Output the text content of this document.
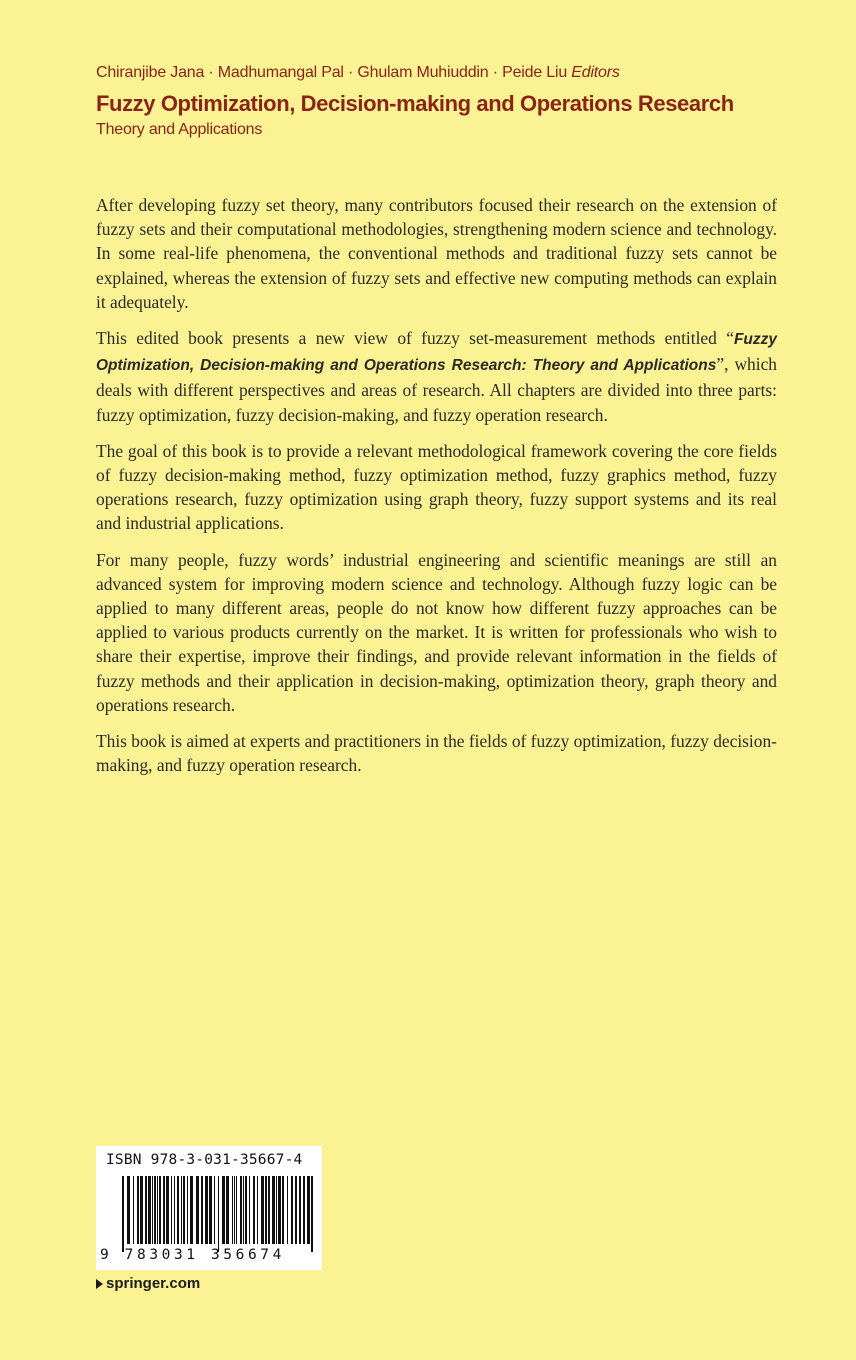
Chiranjibe Jana · Madhumangal Pal · Ghulam Muhiuddin · Peide Liu Editors
Fuzzy Optimization, Decision-making and Operations Research
Theory and Applications

After developing fuzzy set theory, many contributors focused their research on the extension of fuzzy sets and their computational methodologies, strengthening modern science and technology. In some real-life phenomena, the conventional methods and traditional fuzzy sets cannot be explained, whereas the extension of fuzzy sets and effective new computing methods can explain it adequately.

This edited book presents a new view of fuzzy set-measurement methods entitled “Fuzzy Optimization, Decision-making and Operations Research: Theory and Applications”, which deals with different perspectives and areas of research. All chapters are divided into three parts: fuzzy optimization, fuzzy decision-making, and fuzzy operation research.

The goal of this book is to provide a relevant methodological framework covering the core fields of fuzzy decision-making method, fuzzy optimization method, fuzzy graphics method, fuzzy operations research, fuzzy optimization using graph theory, fuzzy support systems and its real and industrial applications.

For many people, fuzzy words’ industrial engineering and scientific meanings are still an advanced system for improving modern science and technology. Although fuzzy logic can be applied to many different areas, people do not know how different fuzzy approaches can be applied to various products currently on the market. It is written for professionals who wish to share their expertise, improve their findings, and provide relevant information in the fields of fuzzy methods and their application in decision-making, optimization theory, graph theory and operations research.

This book is aimed at experts and practitioners in the fields of fuzzy optimization, fuzzy decision-making, and fuzzy operation research.

ISBN 978-3-031-35667-4
9 783031 356674
springer.com
